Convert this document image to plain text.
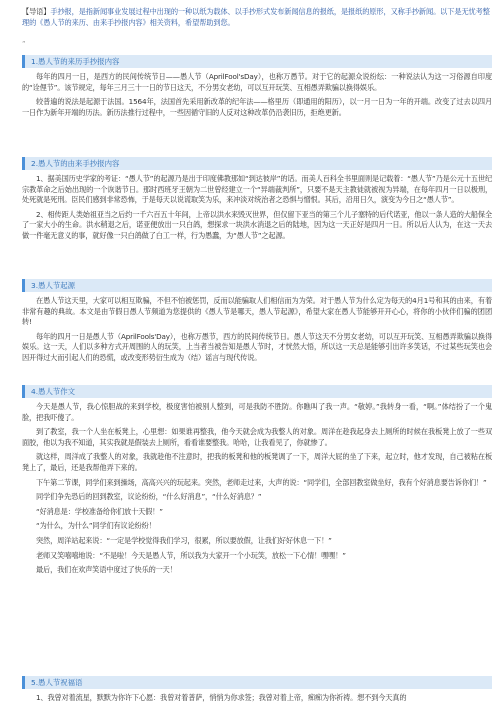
【导语】手抄报，是指新闻事业发展过程中出现的一种以纸为载体、以手抄形式发布新闻信息的报纸，是报纸的原形，又称手抄新闻。以下是无忧考整理的《愚人节的来历、由来手抄报内容》相关资料，希望帮助到您。
”
1.愚人节的来历手抄报内容

每年的四月一日，是西方的民间传统节日——愚人节（AprilFool'sDay），也称万愚节。对于它的起源众说纷纭：一种说法认为这一习俗源自印度的“诠俚节”。该节规定，每年三月三十一日的节日这天，不分男女老幼，可以互开玩笑、互相愚弄欺骗以换得娱乐。

较普遍的说法是起源于法国。1564年，法国首先采用新改革的纪年法——格里历（即通用的阳历），以一月一日为一年的开端。改变了过去以四月一日作为新年开端的历法。新历法推行过程中，一些因循守旧的人反对这种改革仍沿袭旧历，拒绝更新。

2.愚人节的由来手抄报内容

1、据美国历史学家的考证：“愚人节”的起源乃是出于印度佛教那如“到达彼岸”的话。而美人百科全书里面则是记载着：“愚人节”乃是公元十五世纪宗教革命之后始出现的一个诙谐节日。那时西班牙王朝为二世曾经建立一个“异端裁判所”，只要不是天主教徒就被视为异端，在每年四月一日以极刑，处死就是死刑。臣民们感到非常恐怖，于是每天以说谎取笑为乐，来冲淡对统治者之恐惧与憎恨。其后，沿用日久，演变为今日之“愚人节”。

2、相传距人类始祖亚当之后约一千六百五十年间，上帝以洪水来毁灭世界，但仅留下亚当的第三个儿子塞特的后代诺亚，他以一条人造的大船保全了一家大小的生命。洪水稍退之后，诺亚便放出一只白鸽，想探求一块洪水消退之后的陆地，因为这一天正好是四月一日。所以后人认为，在这一天去做一件毫无意义的事，就好像一只白鸽做了白工一样，行为愚蠢，为“愚人节”之起源。

3.愚人节起源

在愚人节这天里，大家可以相互欺骗，不但不怕被惩罚，反而以能骗取人们相信而为为荣。对于愚人节为什么定为每天的4月1号和其的由来，有着非常有趣的典故。本文是由节假日愚人节频道为您提供的《愚人节是哪天，愚人节起源》，希望大家在愚人节能够开开心心，将你的小伙伴们骗的团团转!

每年的四月一日是愚人节（AprilFools'Day），也称万愚节，西方的民间传统节日。愚人节这天不分男女老幼，可以互开玩笑、互相愚弄欺骗以换得娱乐。这一天，人们以多种方式开周围的人的玩笑，上当者当被告知是愚人节时，才恍然大悟，所以这一天总是能够引出许多笑话，不过某些玩笑也会因开得过大而引起人们的恐慌，或改变形势衍生成为（结）谣言与现代传说。

4.愚人节作文

今天是愚人节，我心惊胆战的来到学校，极度害怕被别人整到，可是我防不胜防。你瞧叫了我一声。“敬婷。”我转身一看，“啊。”体结扮了一个鬼脸，把我吓傻了。

到了教室，我一个人坐在板凳上，心里想：如果谁再整我，他今天就会成为我整人的对象。周洋在趁我起身去上厕所的时候在我板凳上放了一些双面胶，他以为我不知道，其实我就是假装去上厕所，看看谁要整我。哈哈，让我看见了，你就惨了。

就这样，周洋成了我整人的对象，我就趁他不注意时，把我的板凳和他的板凳调了一下，周洋大屁的坐了下来，起立时，他才发现，自己被粘在板凳上了，最后，还是我帮他弄下来的。

下午第二节课，同学们来到操场，高高兴兴的玩起来。突然，老师走过来，大声的说：“同学们，全部回教室做坐好，我有个好消息要告诉你们！”

同学们争先恐后的回到教室，议论纷纷，“什么好消息”，“什么好消息？”

“好消息是：学校准备给你们放十天假！”

“为什么，为什么”同学们有议论纷纷！

突然，周洋站起来说：“一定是学校觉得我们学习，很累，所以要放假，让我们好好休息一下！”

老师又笑嘻嘻地说：“不是啦！今天是愚人节，所以我为大家开一个小玩笑，放松一下心情！嘿嘿！”

最后，我们在欢声笑语中度过了快乐的一天！

5.愚人节祝福语

1、我曾对着流星，默默为你许下心愿：我曾对着普萨，悄悄为你求签；我曾对着上帝，痴痴为你祈祷。想不到今天真的
